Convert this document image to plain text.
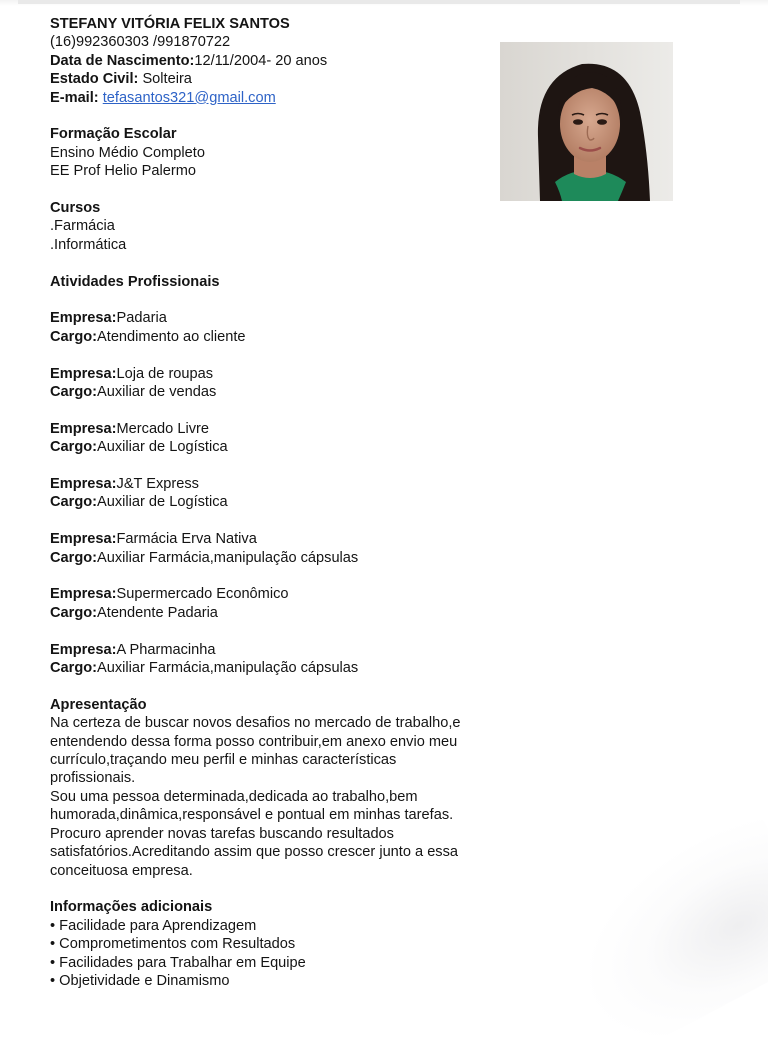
STEFANY VITÓRIA FELIX SANTOS
(16)992360303 /991870722
Data de Nascimento:12/11/2004- 20 anos
Estado Civil: Solteira
E-mail: tefasantos321@gmail.com
Formação Escolar
Ensino Médio Completo
EE Prof Helio Palermo
Cursos
.Farmácia
.Informática
Atividades Profissionais
Empresa:Padaria
Cargo:Atendimento ao cliente
Empresa:Loja de roupas
Cargo:Auxiliar de vendas
Empresa:Mercado Livre
Cargo:Auxiliar de Logística
Empresa:J&T Express
Cargo:Auxiliar de Logística
Empresa:Farmácia Erva Nativa
Cargo:Auxiliar Farmácia,manipulação cápsulas
Empresa:Supermercado Econômico
Cargo:Atendente Padaria
Empresa:A Pharmacinha
Cargo:Auxiliar Farmácia,manipulação cápsulas
Apresentação
Na certeza de buscar novos desafios no mercado de trabalho,e
entendendo dessa forma posso contribuir,em anexo envio meu
currículo,traçando meu perfil e minhas características
profissionais.
Sou uma pessoa determinada,dedicada ao trabalho,bem
humorada,dinâmica,responsável e pontual em minhas tarefas.
Procuro aprender novas tarefas buscando resultados
satisfatórios.Acreditando assim que posso crescer junto a essa
conceituosa empresa.
Informações adicionais
• Facilidade para Aprendizagem
• Comprometimentos com Resultados
• Facilidades para Trabalhar em Equipe
• Objetividade e Dinamismo
